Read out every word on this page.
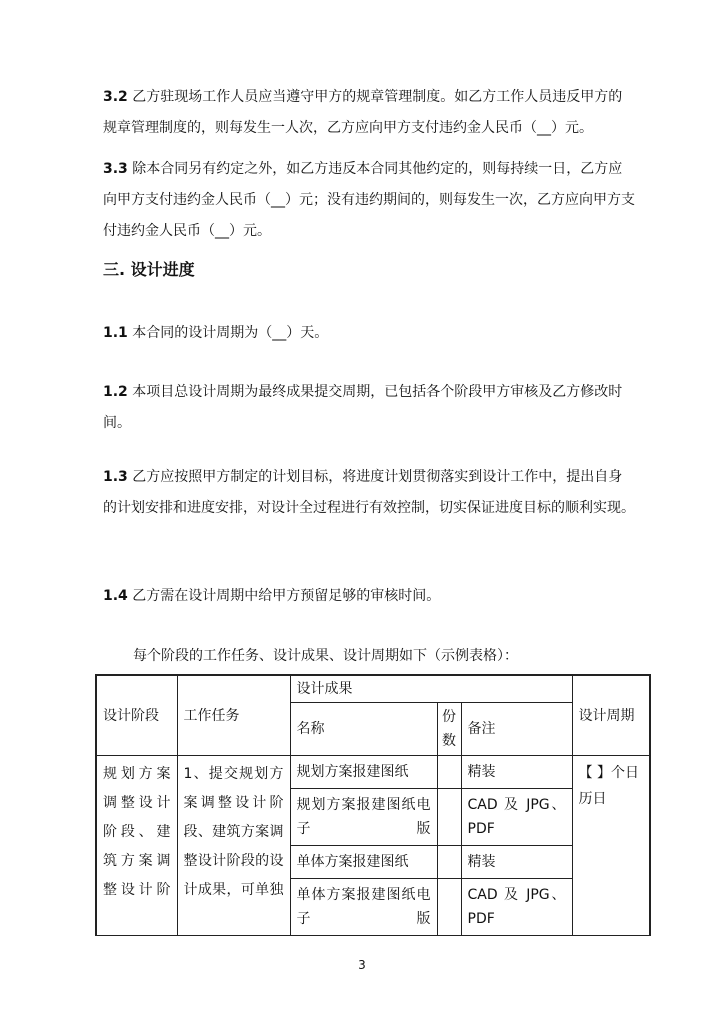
3.2 乙方驻现场工作人员应当遵守甲方的规章管理制度。如乙方工作人员违反甲方的规章管理制度的，则每发生一人次，乙方应向甲方支付违约金人民币（__）元。
3.3 除本合同另有约定之外，如乙方违反本合同其他约定的，则每持续一日，乙方应向甲方支付违约金人民币（__）元；没有违约期间的，则每发生一次，乙方应向甲方支付违约金人民币（__）元。
三. 设计进度
1.1 本合同的设计周期为（__）天。
1.2 本项目总设计周期为最终成果提交周期，已包括各个阶段甲方审核及乙方修改时间。
1.3 乙方应按照甲方制定的计划目标，将进度计划贯彻落实到设计工作中，提出自身的计划安排和进度安排，对设计全过程进行有效控制，切实保证进度目标的顺利实现。
1.4 乙方需在设计周期中给甲方预留足够的审核时间。
每个阶段的工作任务、设计成果、设计周期如下（示例表格）：
设计阶段	工作任务	设计成果			设计周期
		名称	份数	备注	
规划方案调整设计阶段、建筑方案调整设计阶	1、提交规划方案调整设计阶段、建筑方案调整设计阶段的设计成果，可单独	规划方案报建图纸		精装	【 】个日历日
		规划方案报建图纸电子版		CAD 及 JPG、PDF	
		单体方案报建图纸		精装	
		单体方案报建图纸电子版		CAD 及 JPG、PDF	
3
